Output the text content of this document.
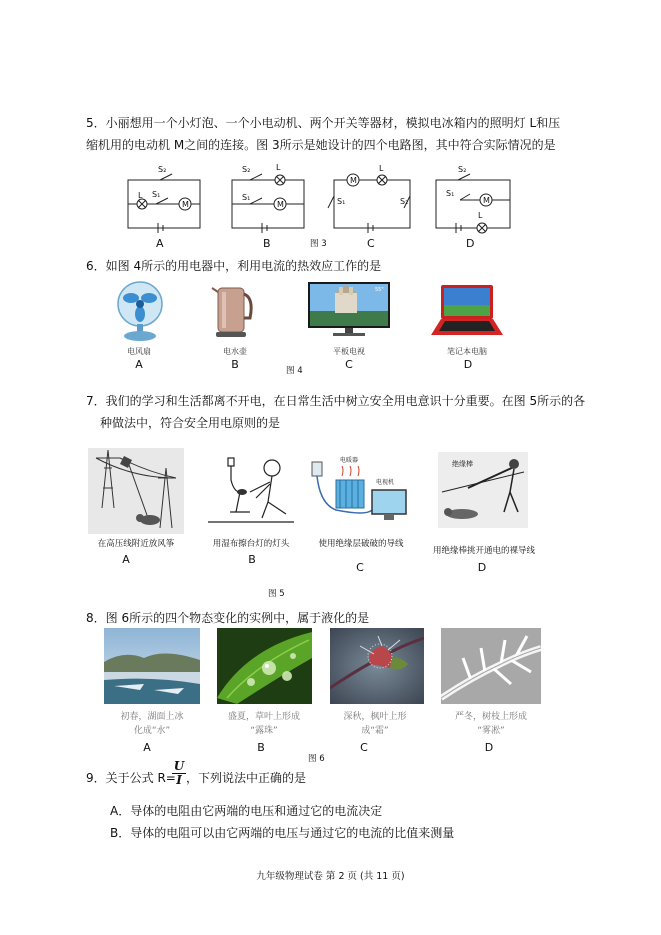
5．小丽想用一个小灯泡、一个小电动机、两个开关等器材，模拟电冰箱内的照明灯 L和压
缩机用的电动机 M之间的连接。图 3所示是她设计的四个电路图，其中符合实际情况的是
S₂
L S₁
M
S₂	L
S₁
M
M
L
S₁	S₂
S₂
S₁
M
L
A	B	图 3	C	D
6．如图 4所示的用电器中，利用电流的热效应工作的是
电风扇
A
电水壶
B
55"
平板电视
C
图 4
笔记本电脑
D
7．我们的学习和生活都离不开电，在日常生活中树立安全用电意识十分重要。在图 5所示的各
种做法中，符合安全用电原则的是
在高压线附近放风筝
A
用湿布擦台灯的灯头
B
电暖器
电视机
使用绝缘层破破的导线
C
绝缘棒
用绝缘棒挑开通电的裸导线
D
图 5
8．图 6所示的四个物态变化的实例中，属于液化的是
初春，湖面上冰
化成“水”
A
盛夏，草叶上形成
“露珠”
B
深秋，枫叶上形
成“霜”
C
严冬，树枝上形成
“雾凇”
D
图 6
9．关于公式 R=
$\frac{U}{I}$ ，下列说法中正确的是
A．导体的电阻由它两端的电压和通过它的电流决定
B．导体的电阻可以由它两端的电压与通过它的电流的比值来测量
九年级物理试卷 第 2 页 (共 11 页)
